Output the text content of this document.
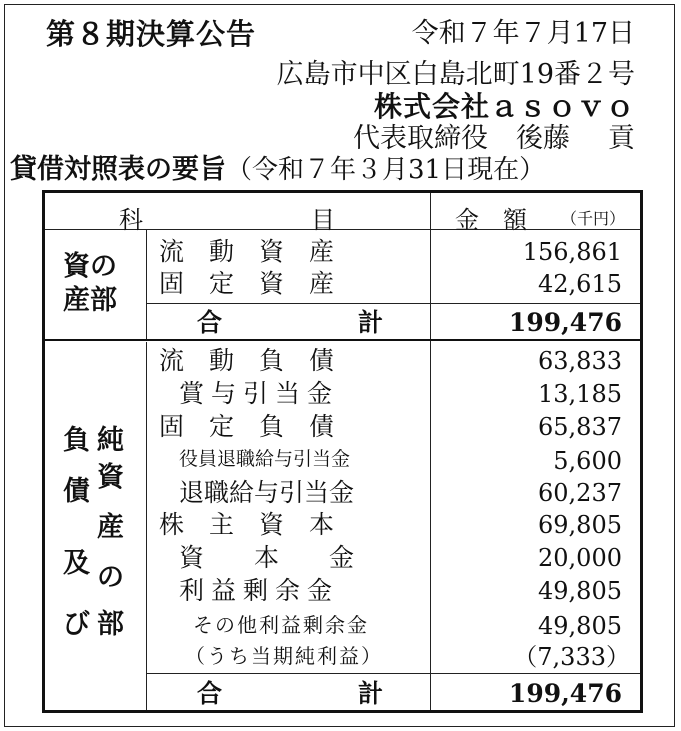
第８期決算公告	令和７年７月17日
広島市中区白島北町19番２号
株式会社ａｓｏｖｏ
代表取締役 後藤 貢
貸借対照表の要旨（令和７年３月31日現在）
科　　　　　　　目	金　額 （千円）
資の
産部
流　動　資　産	156,861
固　定　資　産	42,615
合	計	199,476
負 純
債 資
産
及 の
び 部
流　動　負　債	63,833
賞与引当金	13,185
固　定　負　債	65,837
役員退職給与引当金	5,600
退職給与引当金	60,237
株　主　資　本	69,805
資　　本　　金	20,000
利益剰余金	49,805
その他利益剰余金	49,805
（うち当期純利益）	（7,333）
合	計	199,476
